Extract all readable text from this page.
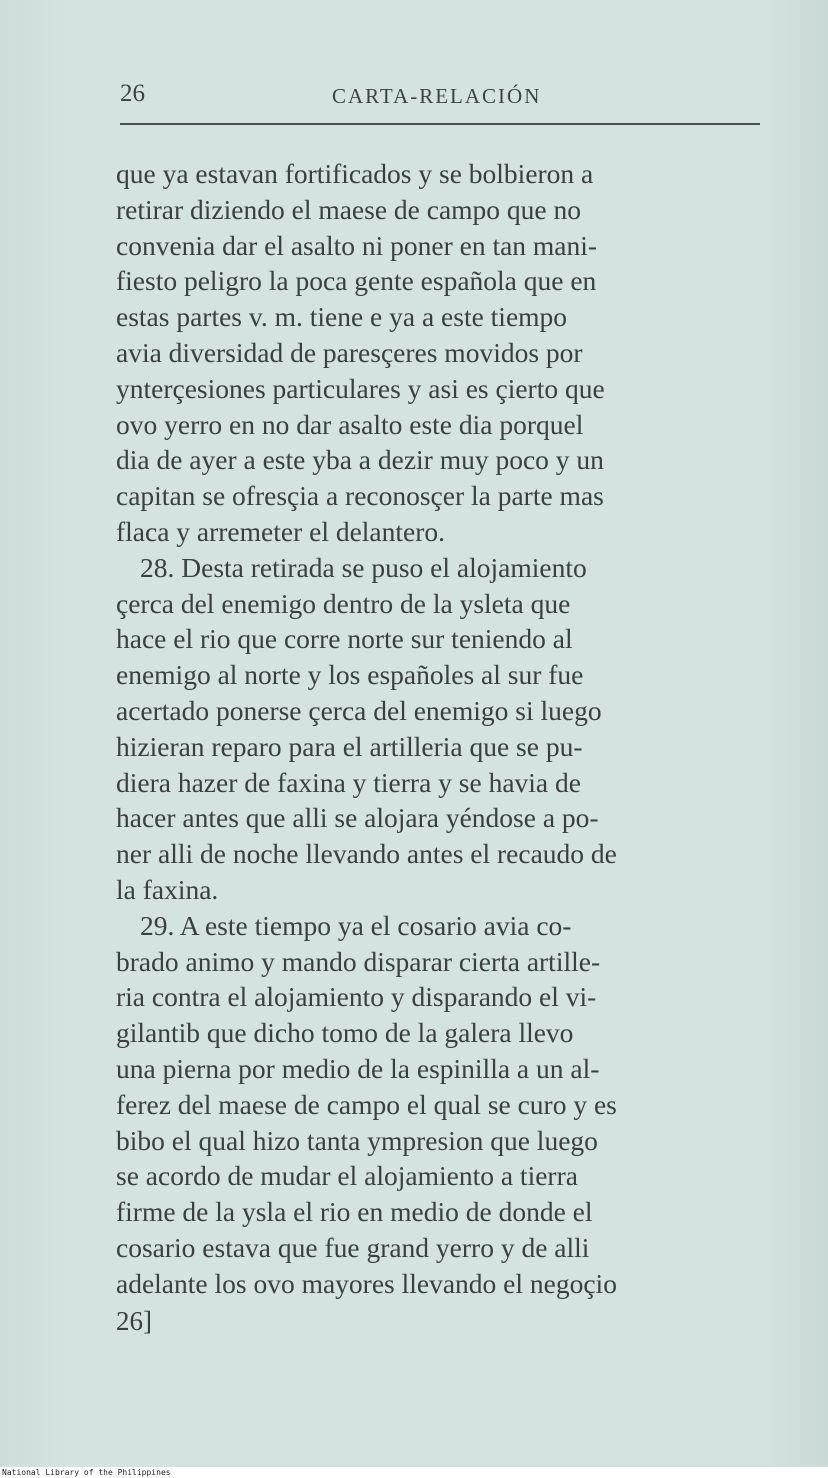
26	CARTA-RELACIÓN
que ya estavan fortificados y se bolbieron a
retirar diziendo el maese de campo que no
convenia dar el asalto ni poner en tan mani-
fiesto peligro la poca gente española que en
estas partes v. m. tiene e ya a este tiempo
avia diversidad de paresçeres movidos por
ynterçesiones particulares y asi es çierto que
ovo yerro en no dar asalto este dia porquel
dia de ayer a este yba a dezir muy poco y un
capitan se ofresçia a reconosçer la parte mas
flaca y arremeter el delantero.
28. Desta retirada se puso el alojamiento
çerca del enemigo dentro de la ysleta que
hace el rio que corre norte sur teniendo al
enemigo al norte y los españoles al sur fue
acertado ponerse çerca del enemigo si luego
hizieran reparo para el artilleria que se pu-
diera hazer de faxina y tierra y se havia de
hacer antes que alli se alojara yéndose a po-
ner alli de noche llevando antes el recaudo de
la faxina.
29. A este tiempo ya el cosario avia co-
brado animo y mando disparar cierta artille-
ria contra el alojamiento y disparando el vi-
gilantib que dicho tomo de la galera llevo
una pierna por medio de la espinilla a un al-
ferez del maese de campo el qual se curo y es
bibo el qual hizo tanta ympresion que luego
se acordo de mudar el alojamiento a tierra
firme de la ysla el rio en medio de donde el
cosario estava que fue grand yerro y de alli
adelante los ovo mayores llevando el negoçio
26]
National Library of the Philippines
